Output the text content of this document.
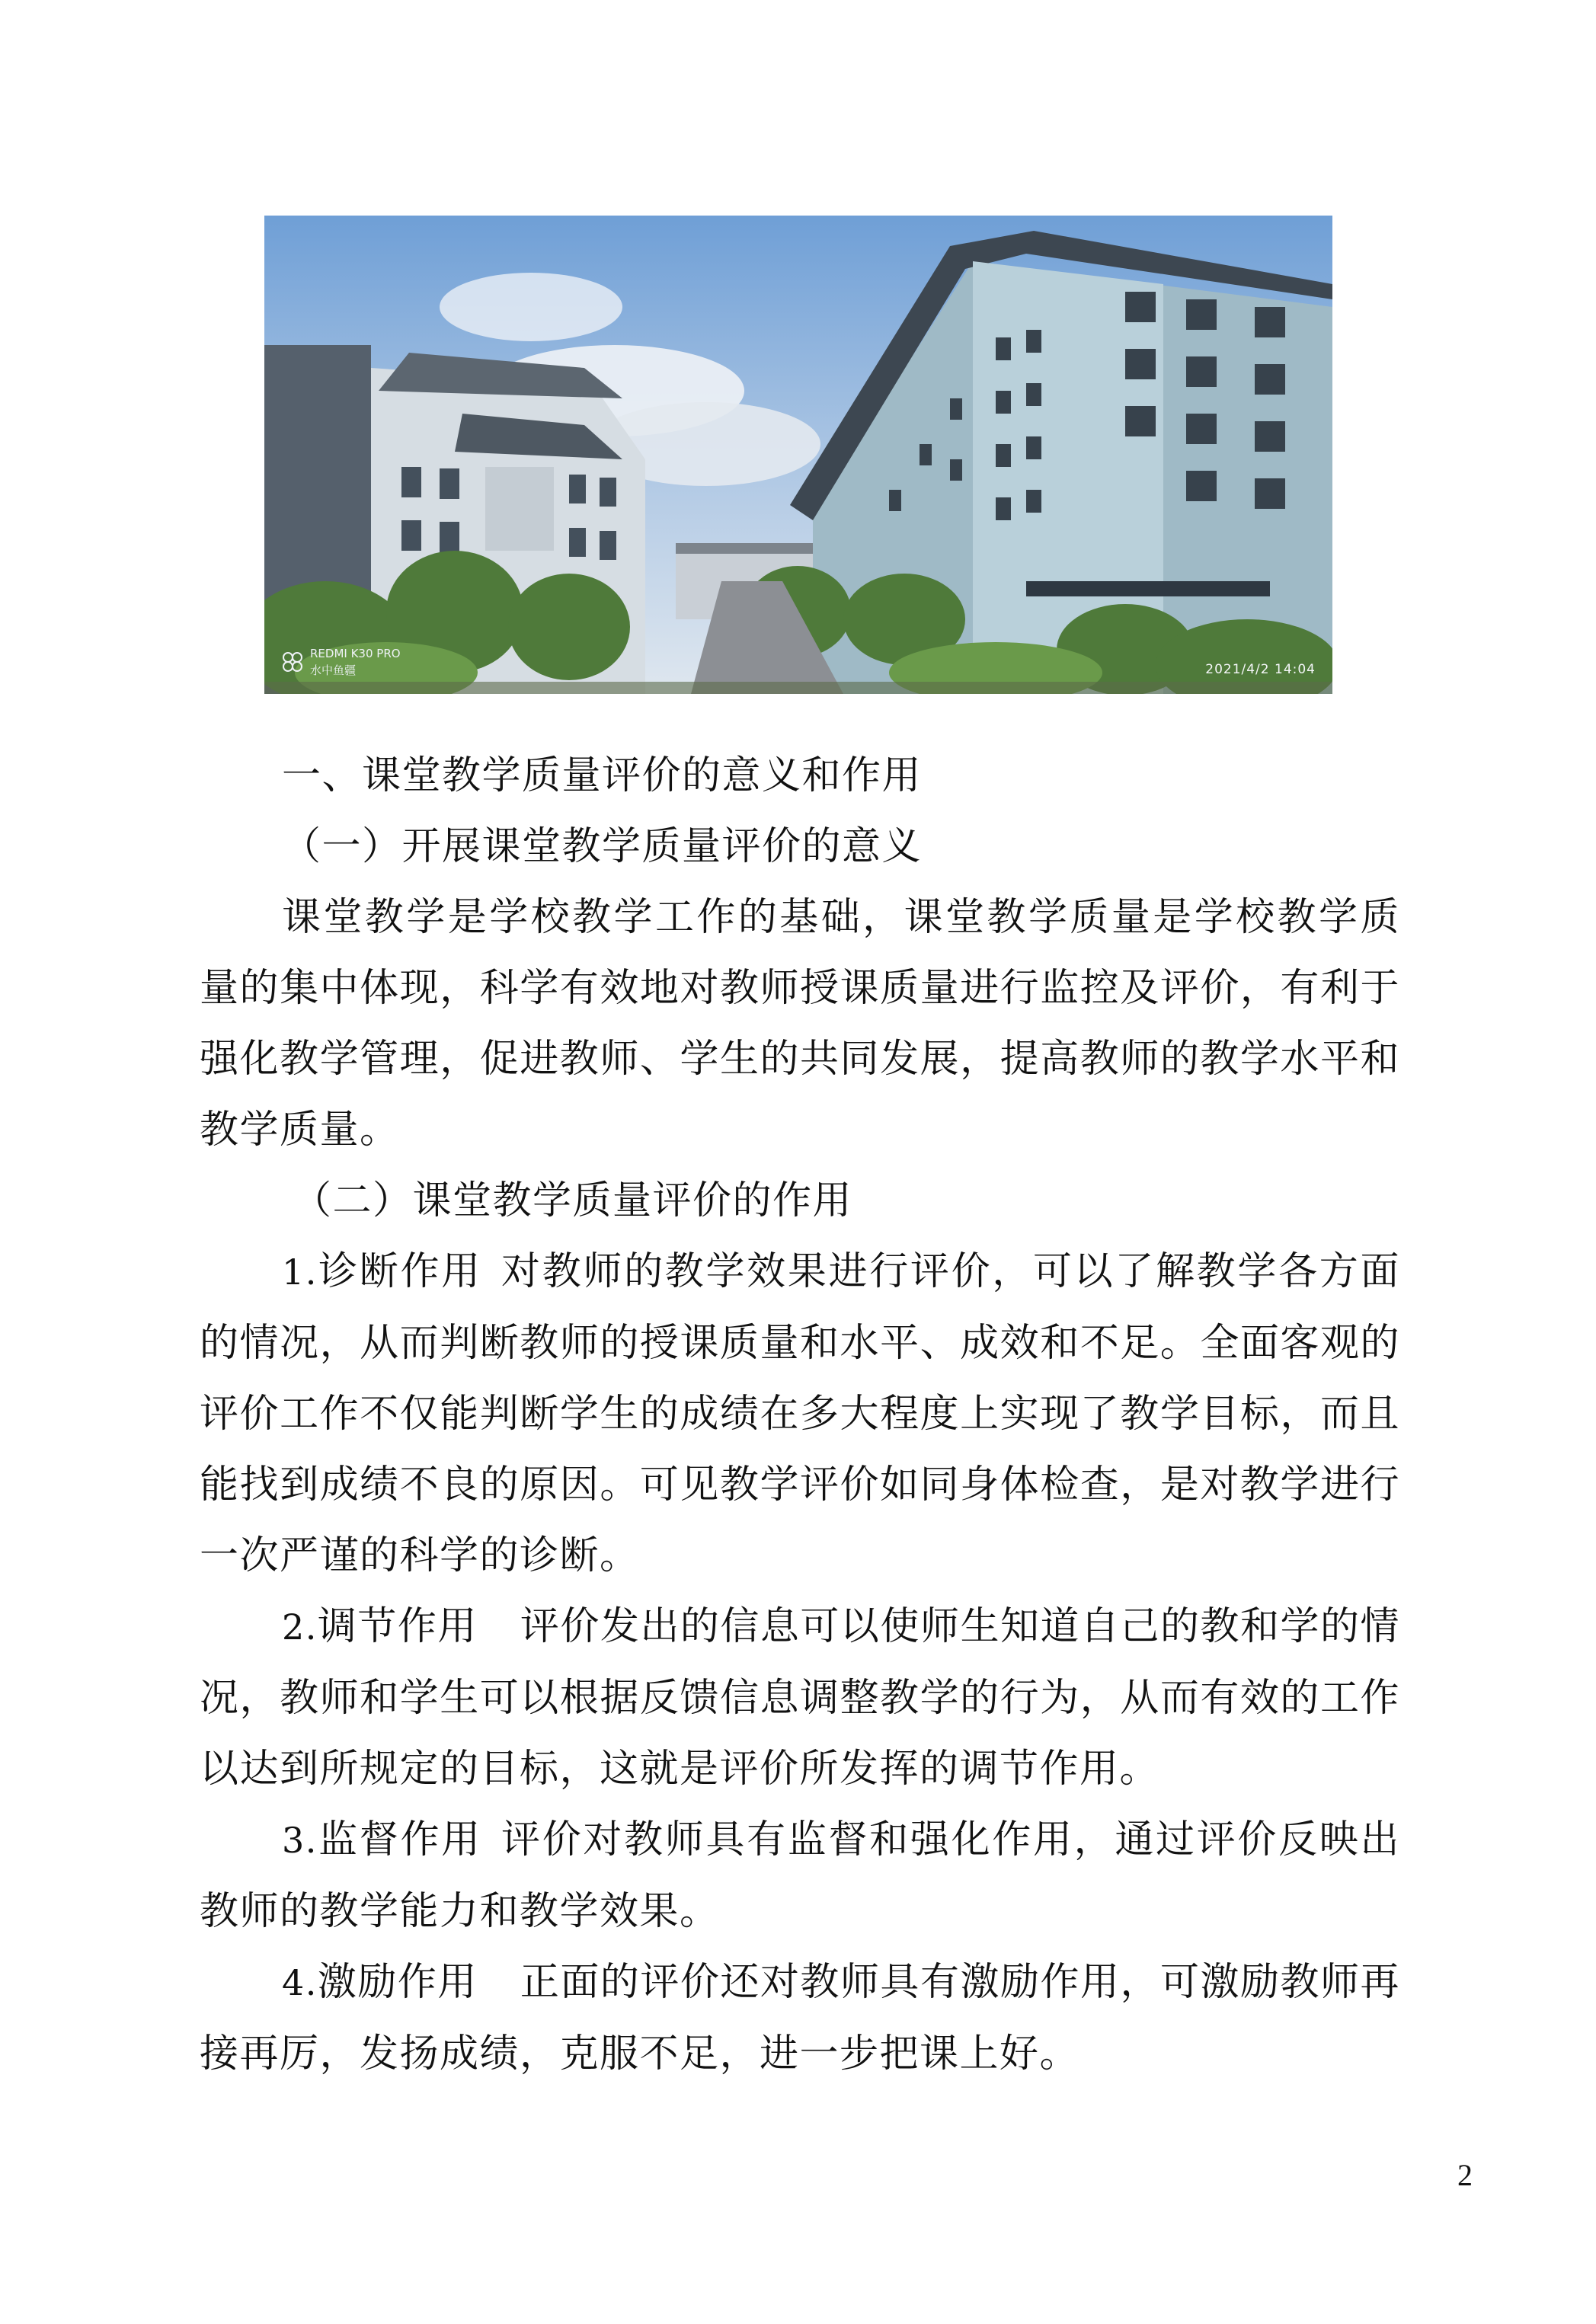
REDMI K30 PRO
水中鱼疆	2021/4/2 14:04

一、课堂教学质量评价的意义和作用

（一）开展课堂教学质量评价的意义

课堂教学是学校教学工作的基础，课堂教学质量是学校教学质量的集中体现，科学有效地对教师授课质量进行监控及评价，有利于强化教学管理，促进教师、学生的共同发展，提高教师的教学水平和教学质量。

（二）课堂教学质量评价的作用

1.诊断作用 对教师的教学效果进行评价，可以了解教学各方面的情况，从而判断教师的授课质量和水平、成效和不足。全面客观的评价工作不仅能判断学生的成绩在多大程度上实现了教学目标，而且能找到成绩不良的原因。可见教学评价如同身体检查，是对教学进行一次严谨的科学的诊断。

2.调节作用 评价发出的信息可以使师生知道自己的教和学的情况，教师和学生可以根据反馈信息调整教学的行为，从而有效的工作以达到所规定的目标，这就是评价所发挥的调节作用。

3.监督作用 评价对教师具有监督和强化作用，通过评价反映出教师的教学能力和教学效果。

4.激励作用 正面的评价还对教师具有激励作用，可激励教师再接再厉，发扬成绩，克服不足，进一步把课上好。

2
